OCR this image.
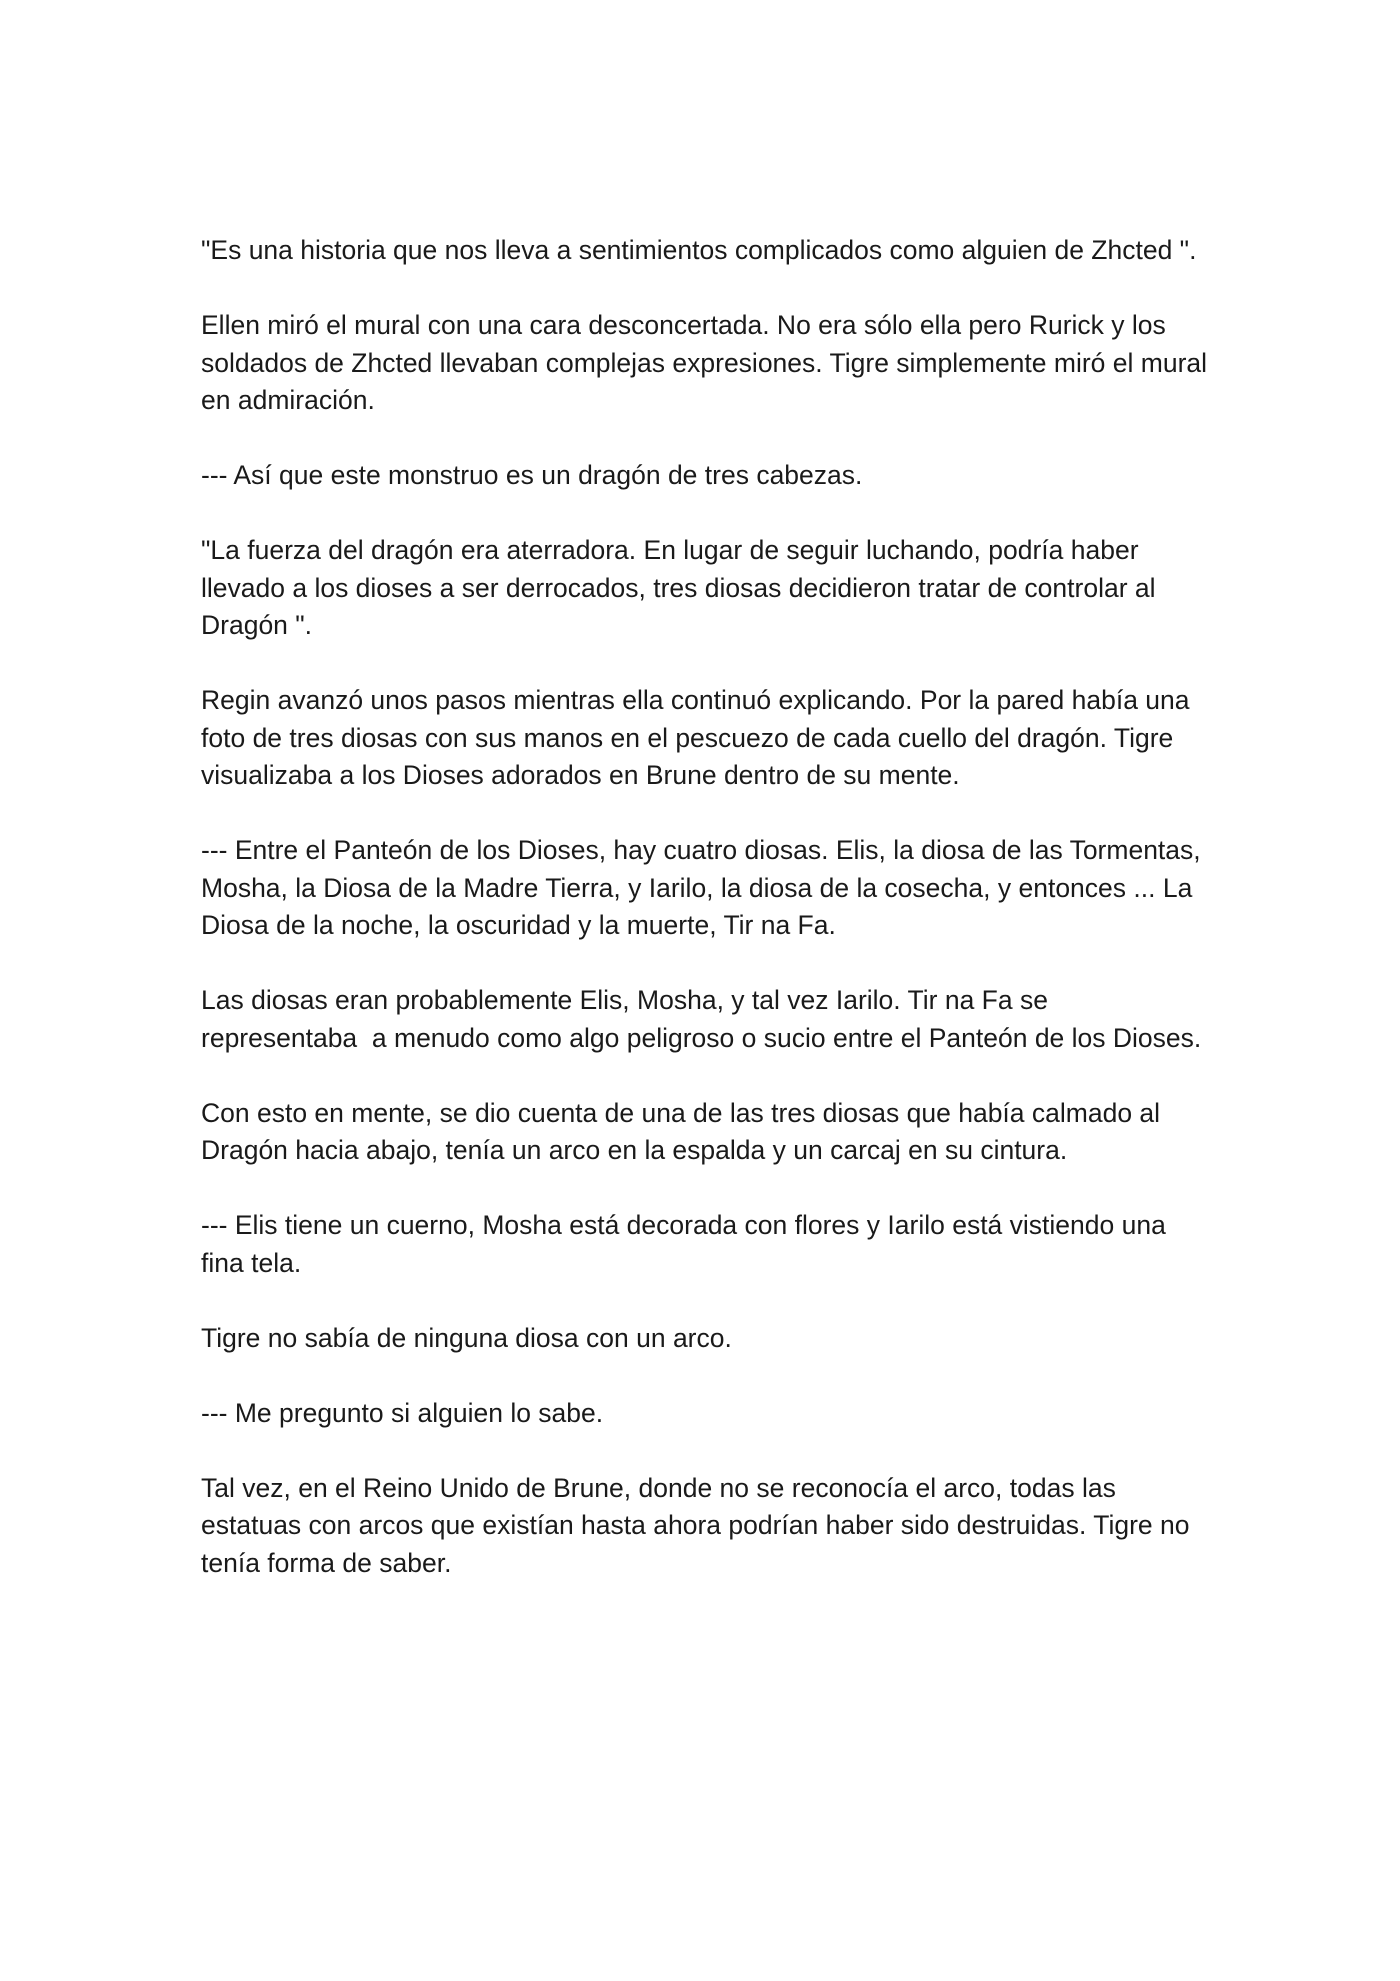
"Es una historia que nos lleva a sentimientos complicados como alguien de Zhcted ".

Ellen miró el mural con una cara desconcertada. No era sólo ella pero Rurick y los soldados de Zhcted llevaban complejas expresiones. Tigre simplemente miró el mural en admiración.

--- Así que este monstruo es un dragón de tres cabezas.

"La fuerza del dragón era aterradora. En lugar de seguir luchando, podría haber llevado a los dioses a ser derrocados, tres diosas decidieron tratar de controlar al Dragón ".

Regin avanzó unos pasos mientras ella continuó explicando. Por la pared había una foto de tres diosas con sus manos en el pescuezo de cada cuello del dragón. Tigre visualizaba a los Dioses adorados en Brune dentro de su mente.

--- Entre el Panteón de los Dioses, hay cuatro diosas. Elis, la diosa de las Tormentas, Mosha, la Diosa de la Madre Tierra, y Iarilo, la diosa de la cosecha, y entonces ... La Diosa de la noche, la oscuridad y la muerte, Tir na Fa.

Las diosas eran probablemente Elis, Mosha, y tal vez Iarilo. Tir na Fa se representaba  a menudo como algo peligroso o sucio entre el Panteón de los Dioses.

Con esto en mente, se dio cuenta de una de las tres diosas que había calmado al Dragón hacia abajo, tenía un arco en la espalda y un carcaj en su cintura.

--- Elis tiene un cuerno, Mosha está decorada con flores y Iarilo está vistiendo una fina tela.

Tigre no sabía de ninguna diosa con un arco.

--- Me pregunto si alguien lo sabe.

Tal vez, en el Reino Unido de Brune, donde no se reconocía el arco, todas las estatuas con arcos que existían hasta ahora podrían haber sido destruidas. Tigre no tenía forma de saber.
